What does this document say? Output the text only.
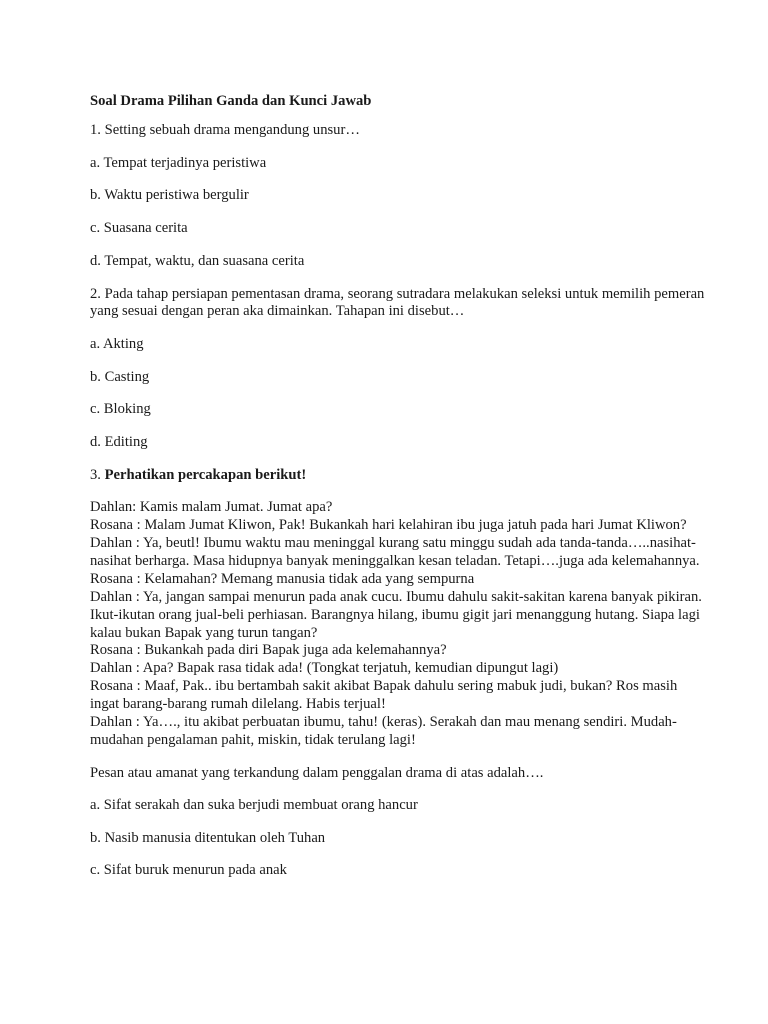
Soal Drama Pilihan Ganda dan Kunci Jawab
1. Setting sebuah drama mengandung unsur…
a. Tempat terjadinya peristiwa
b. Waktu peristiwa bergulir
c. Suasana cerita
d. Tempat, waktu, dan suasana cerita
2. Pada tahap persiapan pementasan drama, seorang sutradara melakukan seleksi untuk memilih pemeran yang sesuai dengan peran aka dimainkan. Tahapan ini disebut…
a. Akting
b. Casting
c. Bloking
d. Editing
3. Perhatikan percakapan berikut!
Dahlan: Kamis malam Jumat. Jumat apa?
Rosana : Malam Jumat Kliwon, Pak! Bukankah hari kelahiran ibu juga jatuh pada hari Jumat Kliwon?
Dahlan : Ya, beutl! Ibumu waktu mau meninggal kurang satu minggu sudah ada tanda-tanda…..nasihat-nasihat berharga. Masa hidupnya banyak meninggalkan kesan teladan. Tetapi….juga ada kelemahannya.
Rosana : Kelamahan? Memang manusia tidak ada yang sempurna
Dahlan : Ya, jangan sampai menurun pada anak cucu. Ibumu dahulu sakit-sakitan karena banyak pikiran. Ikut-ikutan orang jual-beli perhiasan. Barangnya hilang, ibumu gigit jari menanggung hutang. Siapa lagi kalau bukan Bapak yang turun tangan?
Rosana : Bukankah pada diri Bapak juga ada kelemahannya?
Dahlan : Apa? Bapak rasa tidak ada! (Tongkat terjatuh, kemudian dipungut lagi)
Rosana : Maaf, Pak.. ibu bertambah sakit akibat Bapak dahulu sering mabuk judi, bukan? Ros masih ingat barang-barang rumah dilelang. Habis terjual!
Dahlan : Ya…., itu akibat perbuatan ibumu, tahu! (keras). Serakah dan mau menang sendiri. Mudah-mudahan pengalaman pahit, miskin, tidak terulang lagi!
Pesan atau amanat yang terkandung dalam penggalan drama di atas adalah….
a. Sifat serakah dan suka berjudi membuat orang hancur
b. Nasib manusia ditentukan oleh Tuhan
c. Sifat buruk menurun pada anak
